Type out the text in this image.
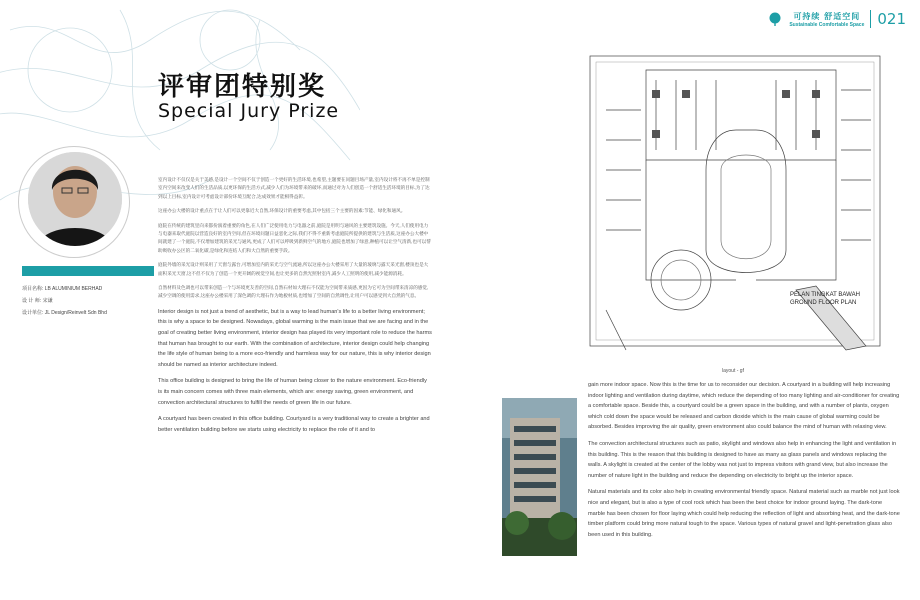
可持续 舒适空间
Sustainable Comfortable Space 021
评审团特别奖
Special Jury Prize
项目名称: LB ALUMINIUM BERHAD
设 计 师: 宋谦
设计单位: JL Design/Reinvelt Sdn Bhd

室内设计不仅仅是关于美感,是设计一个空间不仅于创造一个更好的生活环境,也希望,主题要在问题目场产量,室内设计将不再不单是控制室内空间来改变人们的生活品质,以更环保的生活方式,减少人们为环境带来的破坏,而通过对为人们创造一个舒适生活环境的目标,为了达到以上目标,室内设计可考虑设计部份环境互配合,达成效果才能相得益彰。

这座办公大楼的设计重点在于让人们可以更靠近大自然,环保设计的重要考虑,其中包括三个主要的因素:节能、绿化和通风。

庭院在传统的建筑里向来都扮演着重要的角色,在人们广泛使用电力与电器之前,庭院是用明与通风的主要建筑设施。今天,人们使用电力与电器来取代庭院以营造良好的室内空间,但在环境问题日益恶化之际,我们不得不重新考虑庭院所提供的建筑与生活质,这座办公大楼中间就建了一个庭院,不仅增加建筑的采光与通风,更成了人们可以呼吸到新鲜空气的地方,庭院也增加了绿意,种植可以让空气清新,也可以帮助吸收办公区的二氧化碳,是绿化和连结人们和大自然的重要手段。

庭院外墙的采光设计则采用了天窗与露台,可增加室内的采光与空气流通,所以这座办公大楼采用了大量的玻璃与露天采光窗,楼顶也是大面积采光天窗,这不但不仅为了创造一个更开阔的视觉空间,也让更多的自然光照射室内,减少人工照明的使用,减少能源消耗。

自然材料及色调也可以带来创造一个与环境更友善的空间,自然石材如大理石不仅能为空间带来质感,更因为它可为空间带来清凉的感觉,减少空调的使用需求,这座办公楼采用了深色调的大理石作为地板材质,也增加了空间的自然调性,让用户可以感受到大自然的气息。

Interior design is not just a trend of aesthetic, but is a way to lead human's life to a better living environment; this is why a space to be designed. Nowadays, global warming is the main issue that we are facing and in the goal of creating better living environment, interior design has played its very important role to reduce the harms that human has brought to our earth. With the combination of architecture, interior design could help changing the life style of human being to a more eco-friendly and harmless way for our nature, this is why interior design should be named as interior architecture indeed.

This office building is designed to bring the life of human being closer to the nature environment. Eco-friendly is its main concern comes with three main elements, which are: energy saving, green environment, and convection architectural structures to fulfill the needs of green life in our future.

A courtyard has been created in this office building. Courtyard is a very traditional way to create a brighter and better ventilation building before we starts using electricity to replace the role of it and to

PELAN TINGKAT BAWAH
GROUND FLOOR PLAN
layout - gf

gain more indoor space. Now this is the time for us to reconsider our decision. A courtyard in a building will help increasing indoor lighting and ventilation during daytime, which reduce the depending of too many lighting and air-conditioner for creating a comfortable space. Beside this, a courtyard could be a green space in the building, and with a number of plants, oxygen which cold down the space would be released and carbon dioxide which is the main cause of global warming could be absorbed. Besides improving the air quality, green environment also could balance the mind of human with relaxing view.

The convection architectural structures such as patio, skylight and windows also help in enhancing the light and ventilation in this building. This is the reason that this building is designed to have as many as glass panels and windows replacing the walls. A skylight is created at the center of the lobby was not just to impress visitors with grand view, but also increase the number of nature light in the building and reduce the depending on electricity to bright up the interior space.

Natural materials and its color also help in creating environmental friendly space. Natural material such as marble not just look nice and elegant, but is also a type of cool rock which has been the best choice for indoor ground laying. The dark-tone marble has been chosen for floor laying which could help reducing the reflection of light and absorbing heat, and the dark-tone timber platform could bring more natural tough to the space. Various types of natural gravel and light-penetration glass also been used in this building.
